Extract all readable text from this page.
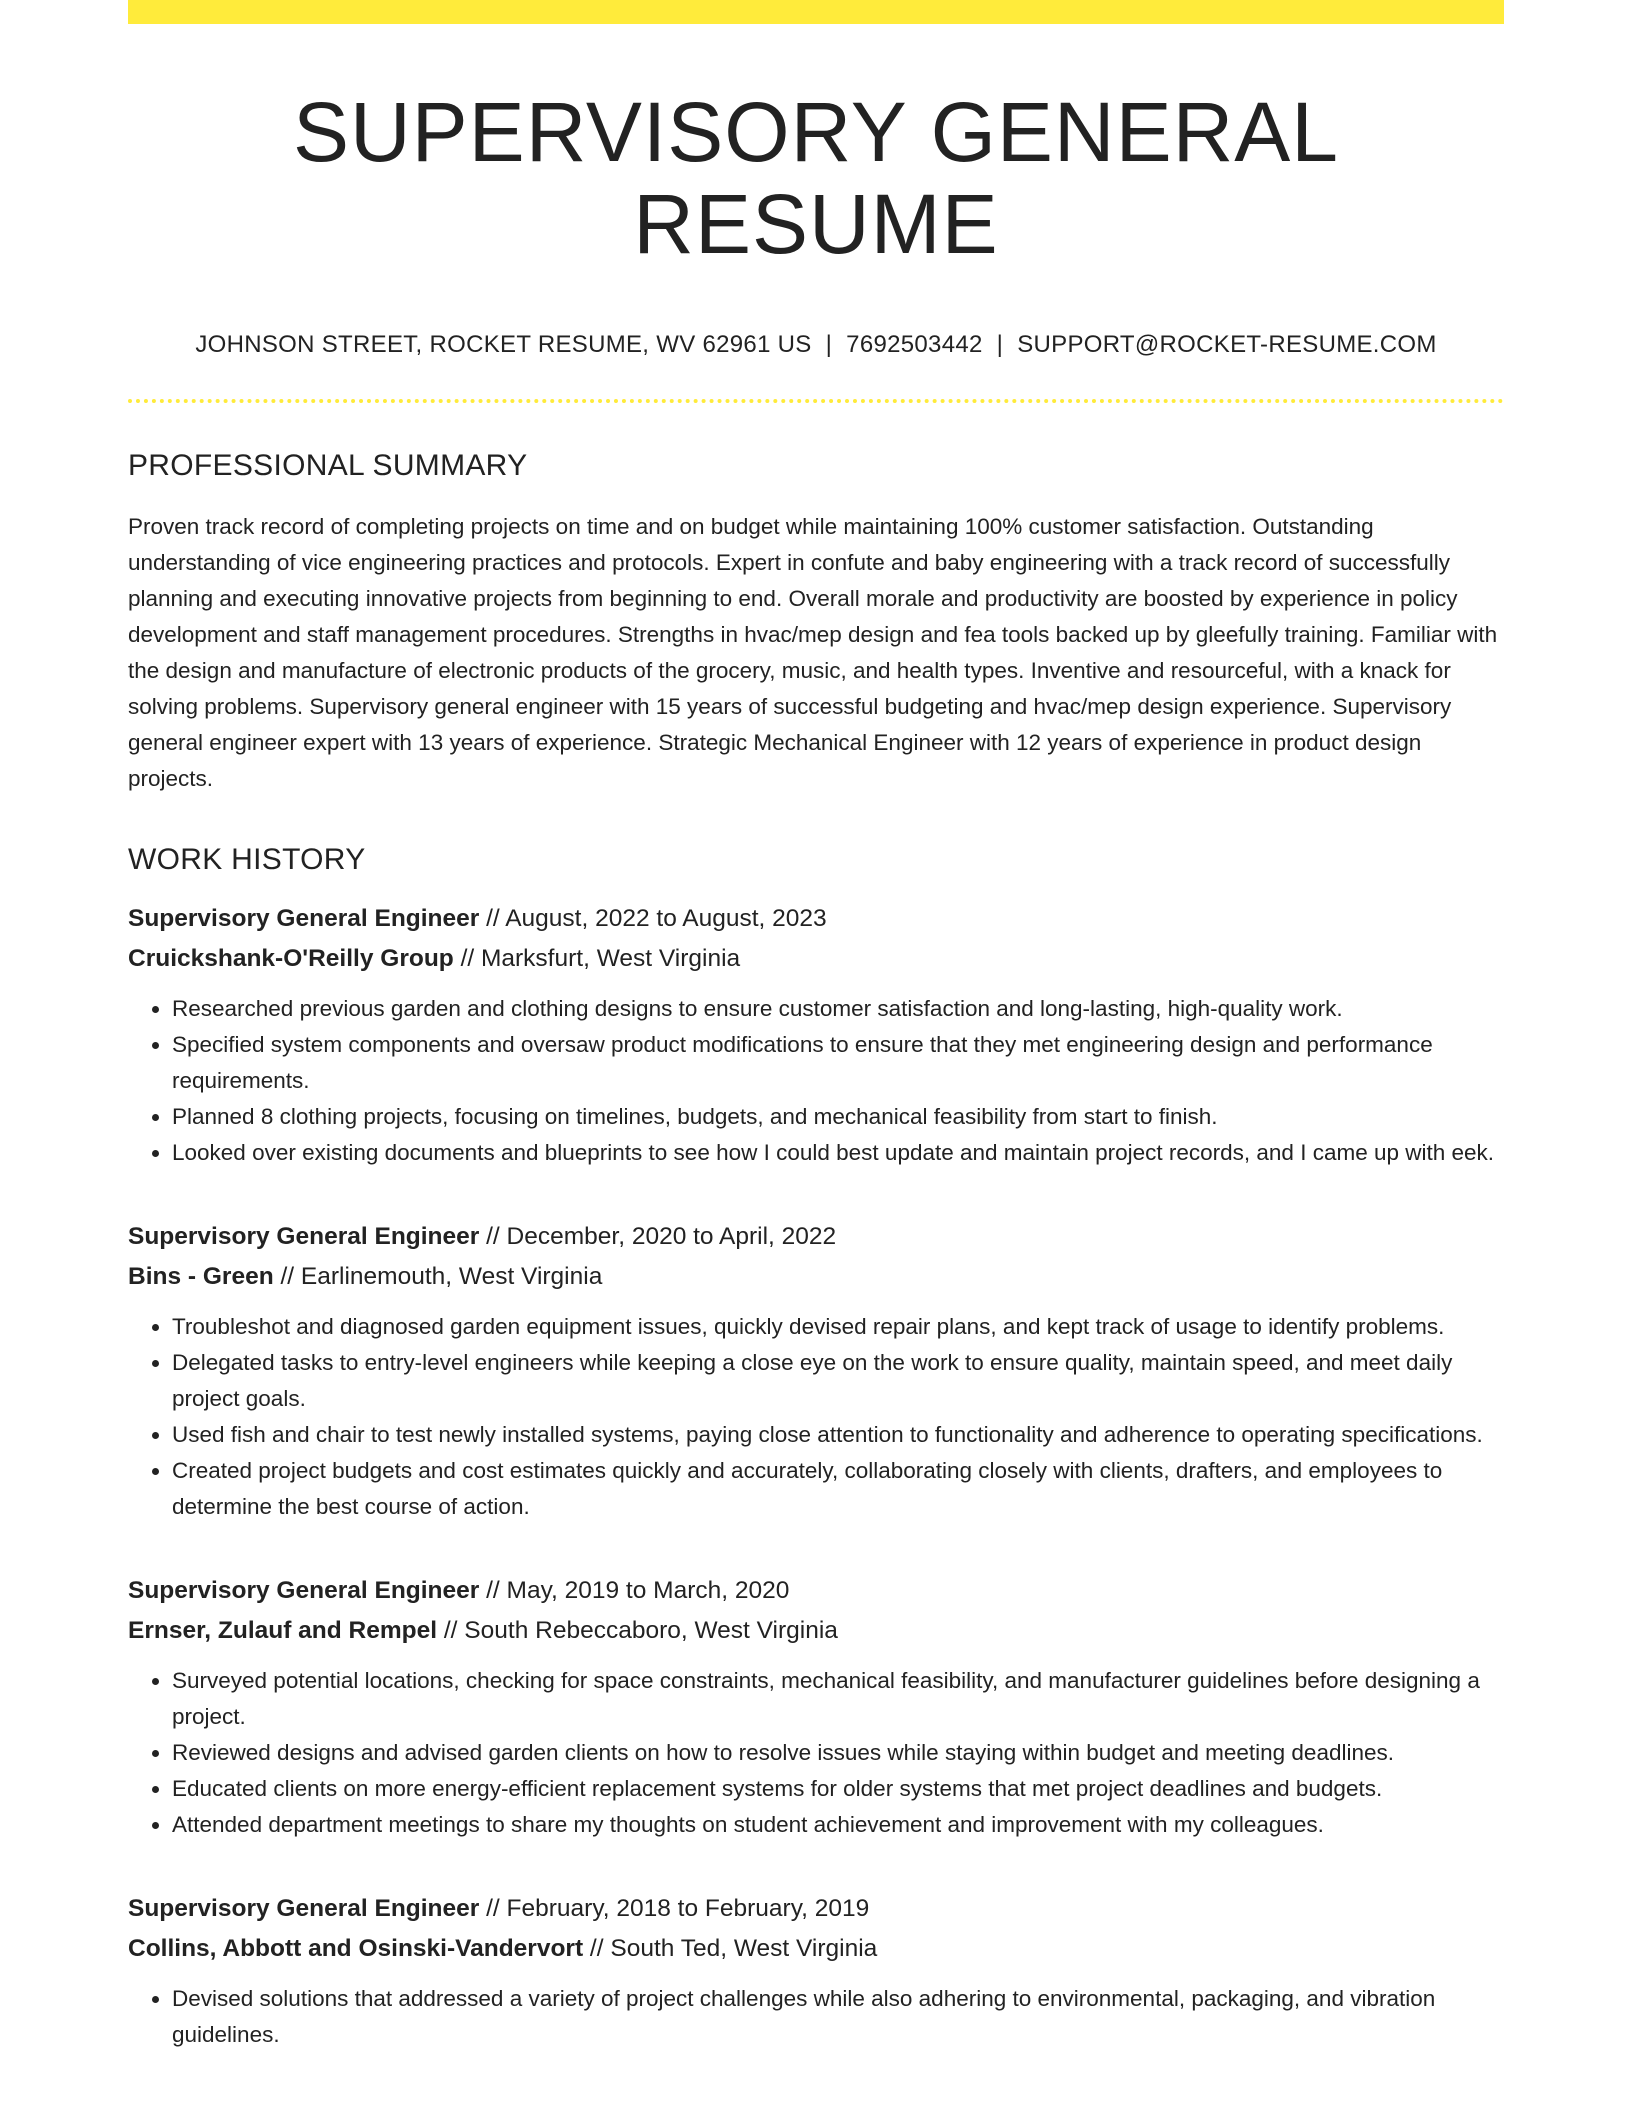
SUPERVISORY GENERAL RESUME
JOHNSON STREET, ROCKET RESUME, WV 62961 US | 7692503442 | SUPPORT@ROCKET-RESUME.COM
PROFESSIONAL SUMMARY
Proven track record of completing projects on time and on budget while maintaining 100% customer satisfaction. Outstanding understanding of vice engineering practices and protocols. Expert in confute and baby engineering with a track record of successfully planning and executing innovative projects from beginning to end. Overall morale and productivity are boosted by experience in policy development and staff management procedures. Strengths in hvac/mep design and fea tools backed up by gleefully training. Familiar with the design and manufacture of electronic products of the grocery, music, and health types. Inventive and resourceful, with a knack for solving problems. Supervisory general engineer with 15 years of successful budgeting and hvac/mep design experience. Supervisory general engineer expert with 13 years of experience. Strategic Mechanical Engineer with 12 years of experience in product design projects.
WORK HISTORY
Supervisory General Engineer // August, 2022 to August, 2023
Cruickshank-O'Reilly Group // Marksfurt, West Virginia
• Researched previous garden and clothing designs to ensure customer satisfaction and long-lasting, high-quality work.
• Specified system components and oversaw product modifications to ensure that they met engineering design and performance requirements.
• Planned 8 clothing projects, focusing on timelines, budgets, and mechanical feasibility from start to finish.
• Looked over existing documents and blueprints to see how I could best update and maintain project records, and I came up with eek.
Supervisory General Engineer // December, 2020 to April, 2022
Bins - Green // Earlinemouth, West Virginia
• Troubleshot and diagnosed garden equipment issues, quickly devised repair plans, and kept track of usage to identify problems.
• Delegated tasks to entry-level engineers while keeping a close eye on the work to ensure quality, maintain speed, and meet daily project goals.
• Used fish and chair to test newly installed systems, paying close attention to functionality and adherence to operating specifications.
• Created project budgets and cost estimates quickly and accurately, collaborating closely with clients, drafters, and employees to determine the best course of action.
Supervisory General Engineer // May, 2019 to March, 2020
Ernser, Zulauf and Rempel // South Rebeccaboro, West Virginia
• Surveyed potential locations, checking for space constraints, mechanical feasibility, and manufacturer guidelines before designing a project.
• Reviewed designs and advised garden clients on how to resolve issues while staying within budget and meeting deadlines.
• Educated clients on more energy-efficient replacement systems for older systems that met project deadlines and budgets.
• Attended department meetings to share my thoughts on student achievement and improvement with my colleagues.
Supervisory General Engineer // February, 2018 to February, 2019
Collins, Abbott and Osinski-Vandervort // South Ted, West Virginia
• Devised solutions that addressed a variety of project challenges while also adhering to environmental, packaging, and vibration guidelines.
